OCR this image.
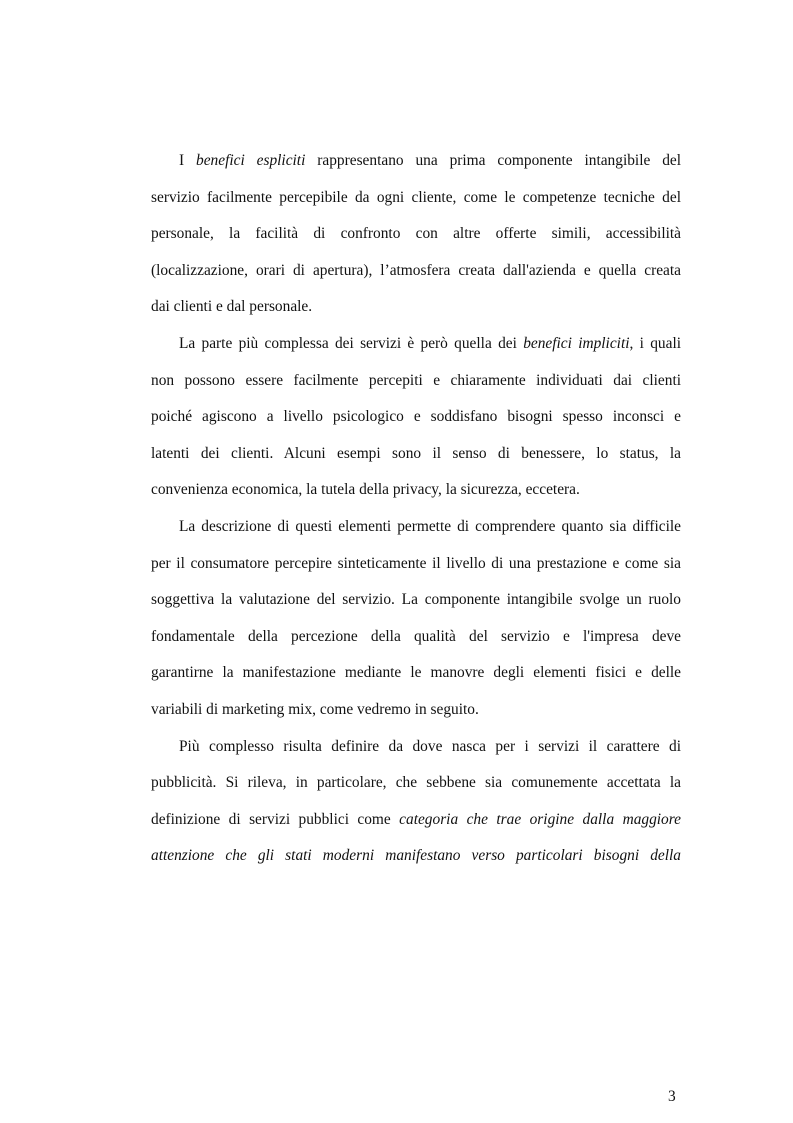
I benefici espliciti rappresentano una prima componente intangibile del
servizio facilmente percepibile da ogni cliente, come le competenze tecniche del
personale, la facilità di confronto con altre offerte simili, accessibilità
(localizzazione, orari di apertura), l’atmosfera creata dall'azienda e quella creata
dai clienti e dal personale.
La parte più complessa dei servizi è però quella dei benefici impliciti, i quali
non possono essere facilmente percepiti e chiaramente individuati dai clienti
poiché agiscono a livello psicologico e soddisfano bisogni spesso inconsci e
latenti dei clienti. Alcuni esempi sono il senso di benessere, lo status, la
convenienza economica, la tutela della privacy, la sicurezza, eccetera.
La descrizione di questi elementi permette di comprendere quanto sia difficile
per il consumatore percepire sinteticamente il livello di una prestazione e come sia
soggettiva la valutazione del servizio. La componente intangibile svolge un ruolo
fondamentale della percezione della qualità del servizio e l'impresa deve
garantirne la manifestazione mediante le manovre degli elementi fisici e delle
variabili di marketing mix, come vedremo in seguito.
Più complesso risulta definire da dove nasca per i servizi il carattere di
pubblicità. Si rileva, in particolare, che sebbene sia comunemente accettata la
definizione di servizi pubblici come categoria che trae origine dalla maggiore
attenzione che gli stati moderni manifestano verso particolari bisogni della
3
